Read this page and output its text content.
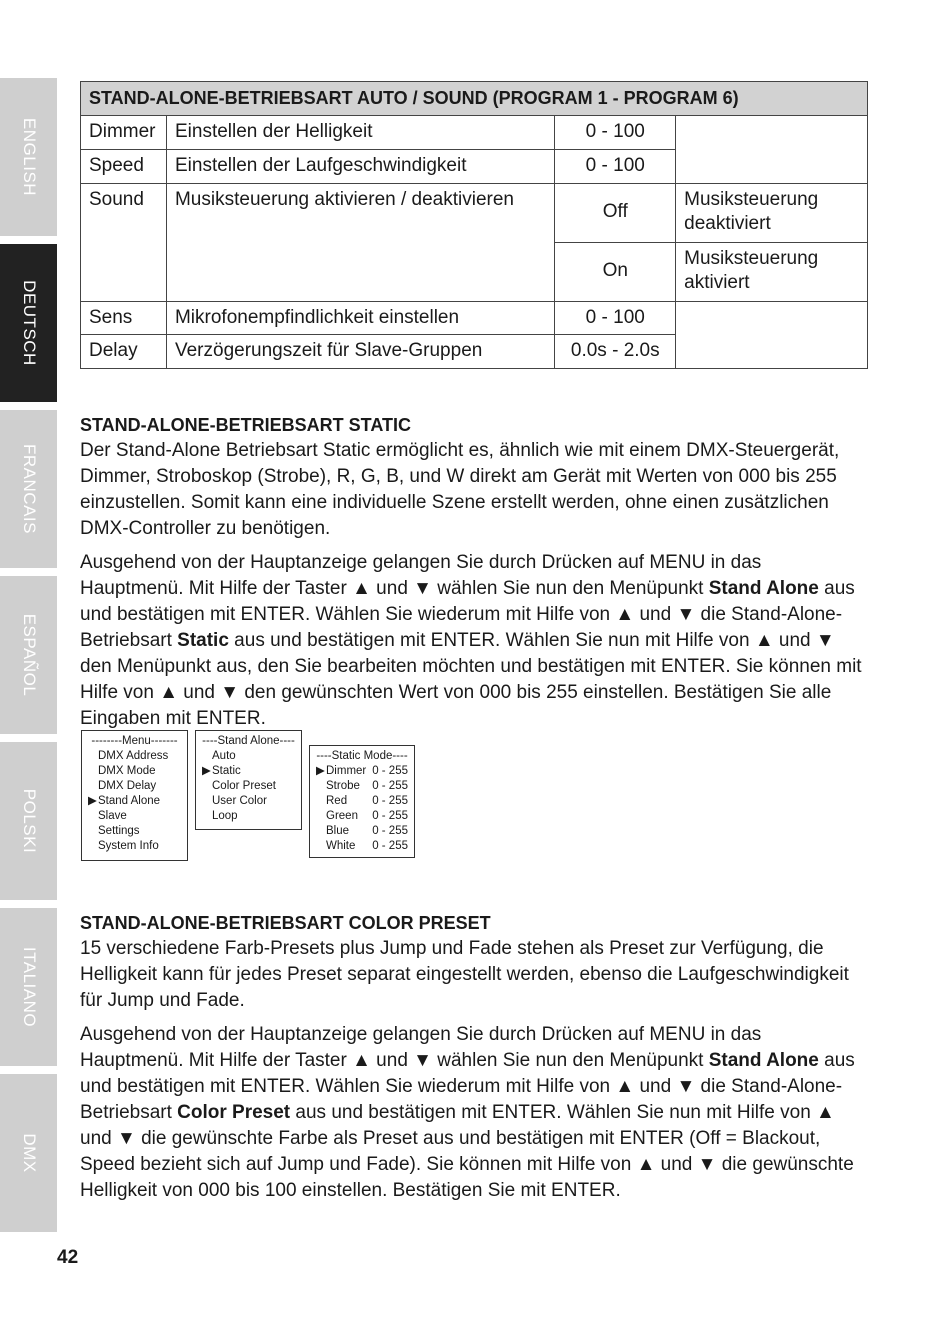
ENGLISH
DEUTSCH
FRANCAIS
ESPAÑOL
POLSKI
ITALIANO
DMX
STAND-ALONE-BETRIEBSART AUTO / SOUND (PROGRAM 1 - PROGRAM 6)			
Dimmer	Einstellen der Helligkeit	0 - 100	
Speed	Einstellen der Laufgeschwindigkeit	0 - 100	
Sound	Musiksteuerung aktivieren / deaktivieren	Off	Musiksteuerung deaktiviert
		On	Musiksteuerung aktiviert
Sens	Mikrofonempfindlichkeit einstellen	0 - 100	
Delay	Verzögerungszeit für Slave-Gruppen	0.0s - 2.0s	
STAND-ALONE-BETRIEBSART STATIC

Der Stand-Alone Betriebsart Static ermöglicht es, ähnlich wie mit einem DMX-Steuergerät, Dimmer, Stroboskop (Strobe), R, G, B, und W direkt am Gerät mit Werten von 000 bis 255 einzustellen. Somit kann eine individuelle Szene erstellt werden, ohne einen zusätzlichen DMX-Controller zu benötigen.

Ausgehend von der Hauptanzeige gelangen Sie durch Drücken auf MENU in das Hauptmenü. Mit Hilfe der Taster ▲ und ▼ wählen Sie nun den Menüpunkt Stand Alone aus und bestätigen mit ENTER. Wählen Sie wiederum mit Hilfe von ▲ und ▼ die Stand-Alone-Betriebsart Static aus und bestätigen mit ENTER. Wählen Sie nun mit Hilfe von ▲ und ▼ den Menüpunkt aus, den Sie bearbeiten möchten und bestätigen mit ENTER. Sie können mit Hilfe von ▲ und ▼ den gewünschten Wert von 000 bis 255 einstellen. Bestätigen Sie alle Eingaben mit ENTER.

--------Menu-------
DMX Address
DMX Mode
DMX Delay
▶ Stand Alone
Slave
Settings
System Info
----Stand Alone----
Auto
▶ Static
Color Preset
User Color
Loop
----Static Mode----
▶ Dimmer 0 - 255
Strobe	0 - 255
Red	0 - 255
Green	0 - 255
Blue	0 - 255
White	0 - 255
STAND-ALONE-BETRIEBSART COLOR PRESET

15 verschiedene Farb-Presets plus Jump und Fade stehen als Preset zur Verfügung, die Helligkeit kann für jedes Preset separat eingestellt werden, ebenso die Laufgeschwindigkeit für Jump und Fade.

Ausgehend von der Hauptanzeige gelangen Sie durch Drücken auf MENU in das Hauptmenü. Mit Hilfe der Taster ▲ und ▼ wählen Sie nun den Menüpunkt Stand Alone aus und bestätigen mit ENTER. Wählen Sie wiederum mit Hilfe von ▲ und ▼ die Stand-Alone-Betriebsart Color Preset aus und bestätigen mit ENTER. Wählen Sie nun mit Hilfe von ▲ und ▼ die gewünschte Farbe als Preset aus und bestätigen mit ENTER (Off = Blackout, Speed bezieht sich auf Jump und Fade). Sie können mit Hilfe von ▲ und ▼ die gewünschte Helligkeit von 000 bis 100 einstellen. Bestätigen Sie mit ENTER.

42
